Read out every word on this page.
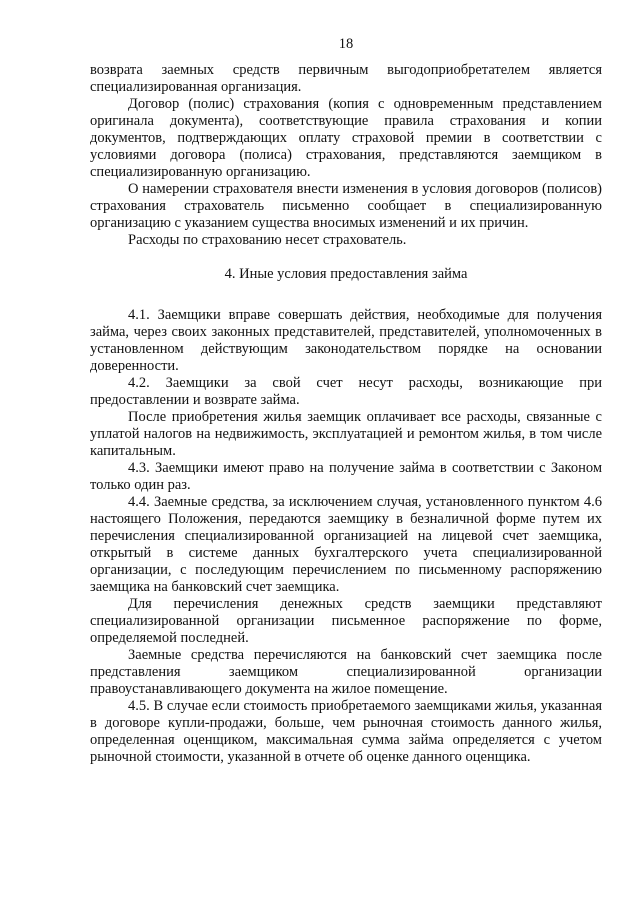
18

возврата заемных средств первичным выгодоприобретателем является специализированная организация.

Договор (полис) страхования (копия с одновременным представлением оригинала документа), соответствующие правила страхования и копии документов, подтверждающих оплату страховой премии в соответствии с условиями договора (полиса) страхования, представляются заемщиком в специализированную организацию.

О намерении страхователя внести изменения в условия договоров (полисов) страхования страхователь письменно сообщает в специализированную организацию с указанием существа вносимых изменений и их причин.

Расходы по страхованию несет страхователь.

4. Иные условия предоставления займа

4.1. Заемщики вправе совершать действия, необходимые для получения займа, через своих законных представителей, представителей, уполномоченных в установленном действующим законодательством порядке на основании доверенности.

4.2. Заемщики за свой счет несут расходы, возникающие при предоставлении и возврате займа.

После приобретения жилья заемщик оплачивает все расходы, связанные с уплатой налогов на недвижимость, эксплуатацией и ремонтом жилья, в том числе капитальным.

4.3. Заемщики имеют право на получение займа в соответствии с Законом только один раз.

4.4. Заемные средства, за исключением случая, установленного пунктом 4.6 настоящего Положения, передаются заемщику в безналичной форме путем их перечисления специализированной организацией на лицевой счет заемщика, открытый в системе данных бухгалтерского учета специализированной организации, с последующим перечислением по письменному распоряжению заемщика на банковский счет заемщика.

Для перечисления денежных средств заемщики представляют специализированной организации письменное распоряжение по форме, определяемой последней.

Заемные средства перечисляются на банковский счет заемщика после представления заемщиком специализированной организации правоустанавливающего документа на жилое помещение.

4.5. В случае если стоимость приобретаемого заемщиками жилья, указанная в договоре купли-продажи, больше, чем рыночная стоимость данного жилья, определенная оценщиком, максимальная сумма займа определяется с учетом рыночной стоимости, указанной в отчете об оценке данного оценщика.
